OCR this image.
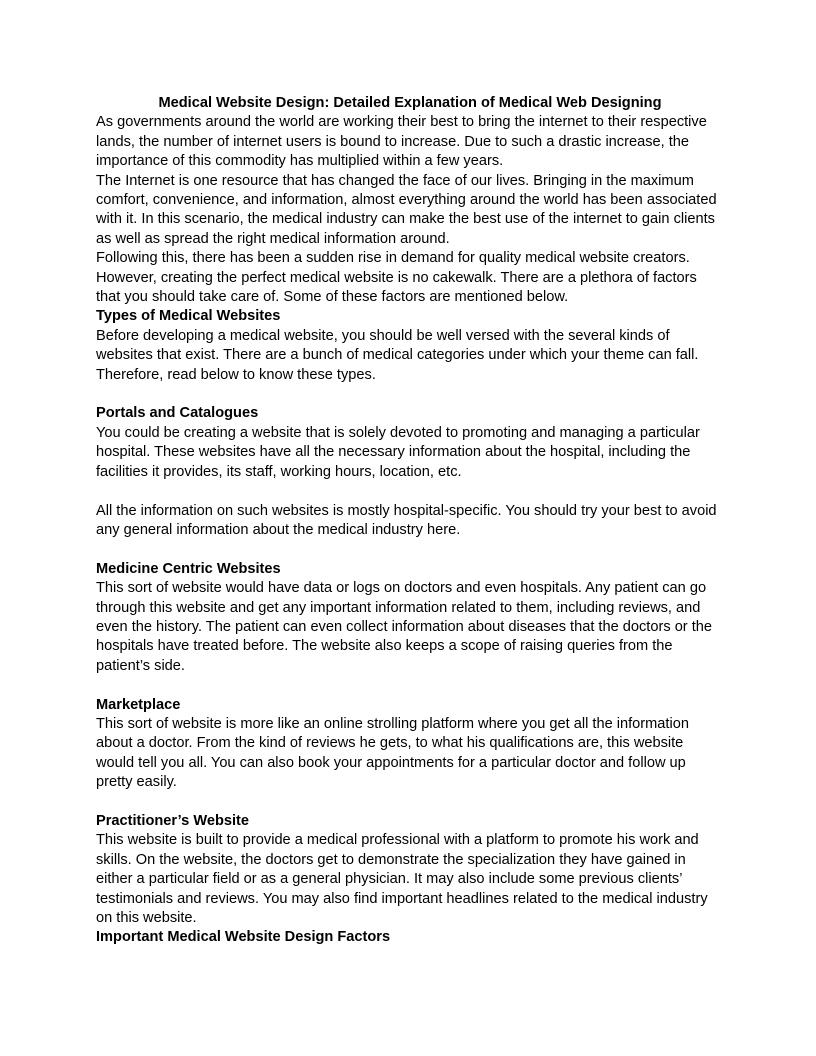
Medical Website Design: Detailed Explanation of Medical Web Designing

As governments around the world are working their best to bring the internet to their respective lands, the number of internet users is bound to increase. Due to such a drastic increase, the importance of this commodity has multiplied within a few years.

The Internet is one resource that has changed the face of our lives. Bringing in the maximum comfort, convenience, and information, almost everything around the world has been associated with it. In this scenario, the medical industry can make the best use of the internet to gain clients as well as spread the right medical information around.

Following this, there has been a sudden rise in demand for quality medical website creators. However, creating the perfect medical website is no cakewalk. There are a plethora of factors that you should take care of. Some of these factors are mentioned below.

Types of Medical Websites

Before developing a medical website, you should be well versed with the several kinds of websites that exist. There are a bunch of medical categories under which your theme can fall. Therefore, read below to know these types.

Portals and Catalogues

You could be creating a website that is solely devoted to promoting and managing a particular hospital. These websites have all the necessary information about the hospital, including the facilities it provides, its staff, working hours, location, etc.

All the information on such websites is mostly hospital-specific. You should try your best to avoid any general information about the medical industry here.

Medicine Centric Websites

This sort of website would have data or logs on doctors and even hospitals. Any patient can go through this website and get any important information related to them, including reviews, and even the history. The patient can even collect information about diseases that the doctors or the hospitals have treated before. The website also keeps a scope of raising queries from the patient’s side.

Marketplace

This sort of website is more like an online strolling platform where you get all the information about a doctor. From the kind of reviews he gets, to what his qualifications are, this website would tell you all. You can also book your appointments for a particular doctor and follow up pretty easily.

Practitioner’s Website

This website is built to provide a medical professional with a platform to promote his work and skills. On the website, the doctors get to demonstrate the specialization they have gained in either a particular field or as a general physician. It may also include some previous clients’ testimonials and reviews. You may also find important headlines related to the medical industry on this website.

Important Medical Website Design Factors
